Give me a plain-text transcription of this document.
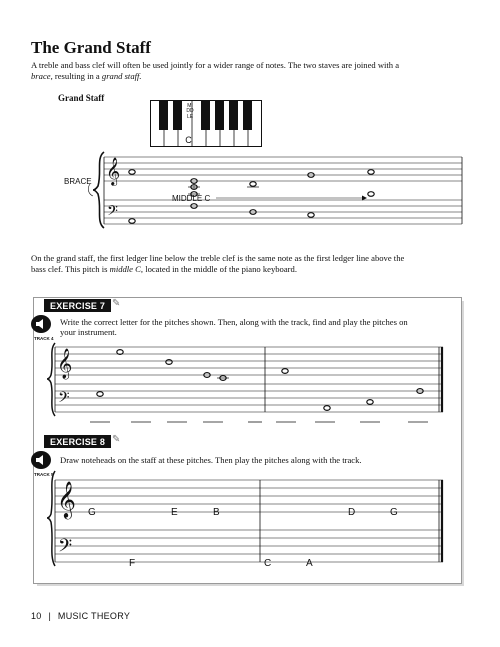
The Grand Staff
A treble and bass clef will often be used jointly for a wider range of notes. The two staves are joined with a
brace, resulting in a grand staff.
Grand Staff
C
MIDDLE
𝄞
𝄢
MIDDLE C
BRACE
On the grand staff, the first ledger line below the treble clef is the same note as the first ledger line above the
bass clef. This pitch is middle C, located in the middle of the piano keyboard.
EXERCISE 7 ✎
TRACK 4
Write the correct letter for the pitches shown. Then, along with the track, find and play the pitches on
your instrument.
𝄞
𝄢
EXERCISE 8 ✎
TRACK 5
Draw noteheads on the staff at these pitches. Then play the pitches along with the track.
𝄞
𝄢
G	E	B	D	G
F	C	A
10 | MUSIC THEORY
